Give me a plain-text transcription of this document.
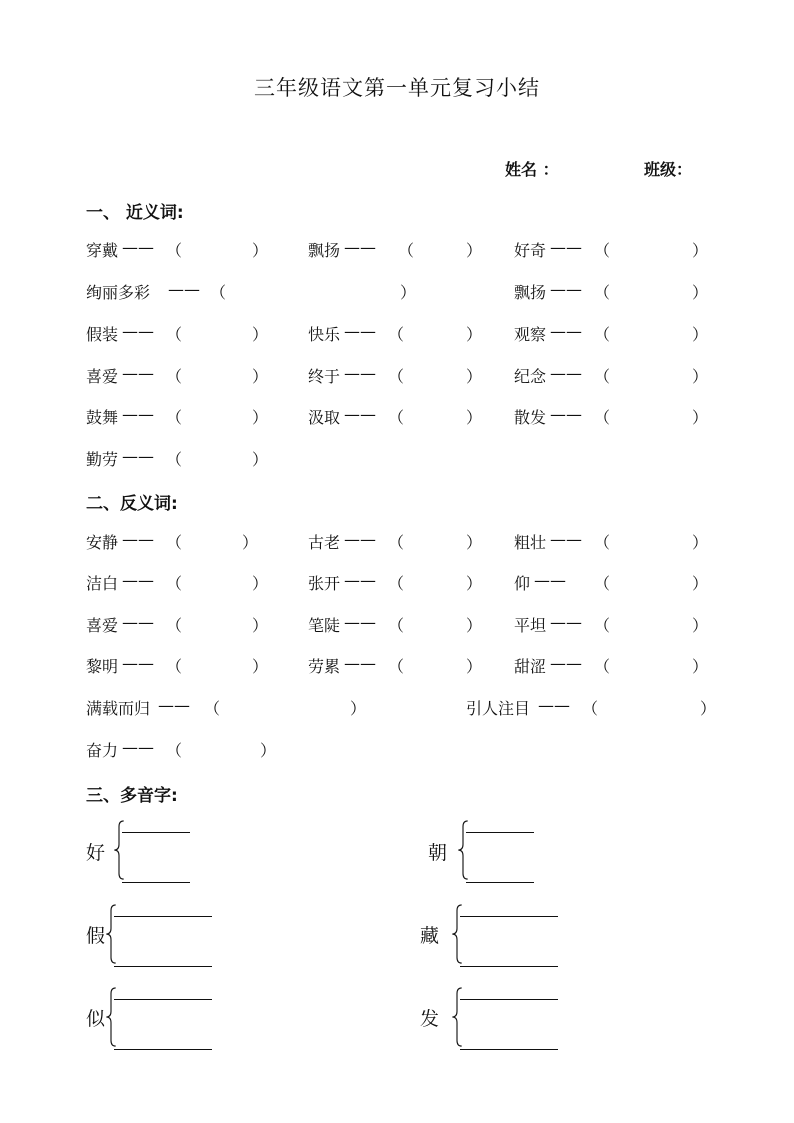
三年级语文第一单元复习小结
姓名 ：	班级：
一、 近义词:
穿戴 —— （	） 飘扬 —— （	） 好奇 —— （	）
绚丽多彩 —— （	）	飘扬 —— （	）
假装 —— （	） 快乐 —— （	） 观察 —— （	）
喜爱 —— （	） 终于 —— （	） 纪念 —— （	）
鼓舞 —— （	） 汲取 —— （	） 散发 —— （	）
勤劳 —— （	）
二、反义词:
安静 —— （	）	古老 —— （	） 粗壮 —— （	）
洁白 —— （	） 张开 —— （	） 仰 —— （	）
喜爱 —— （	） 笔陡 —— （	） 平坦 —— （	）
黎明 —— （	） 劳累 —— （	） 甜涩 —— （	）
满载而归 —— （	）	引人注目 —— （	）
奋力 —— （	）
三、多音字:
好	朝
假	藏
似	发
